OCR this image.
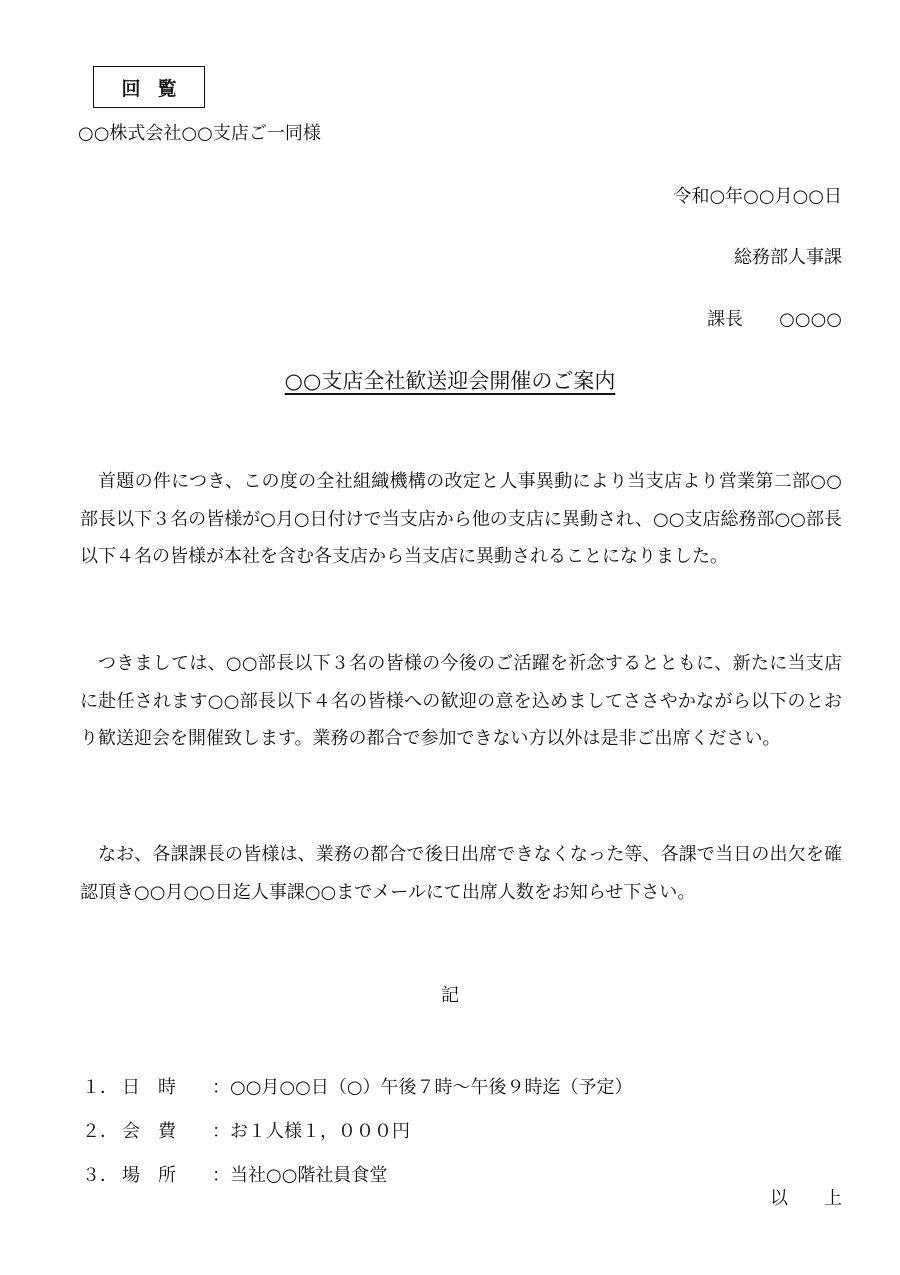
回覧
○○株式会社○○支店ご一同様
令和○年○○月○○日
総務部人事課
課長　　○○○○
○○支店全社歓送迎会開催のご案内

首題の件につき、この度の全社組織機構の改定と人事異動により当支店より営業第二部○○部長以下３名の皆様が○月○日付けで当支店から他の支店に異動され、○○支店総務部○○部長以下４名の皆様が本社を含む各支店から当支店に異動されることになりました。

つきましては、○○部長以下３名の皆様の今後のご活躍を祈念するとともに、新たに当支店に赴任されます○○部長以下４名の皆様への歓迎の意を込めましてささやかながら以下のとおり歓送迎会を開催致します。業務の都合で参加できない方以外は是非ご出席ください。

なお、各課課長の皆様は、業務の都合で後日出席できなくなった等、各課で当日の出欠を確認頂き○○月○○日迄人事課○○までメールにて出席人数をお知らせ下さい。

記
１． 日　時	： ○○月○○日（○）午後７時～午後９時迄（予定）
２． 会　費	： お１人様１，０００円
３． 場　所	： 当社○○階社員食堂
以　　上
